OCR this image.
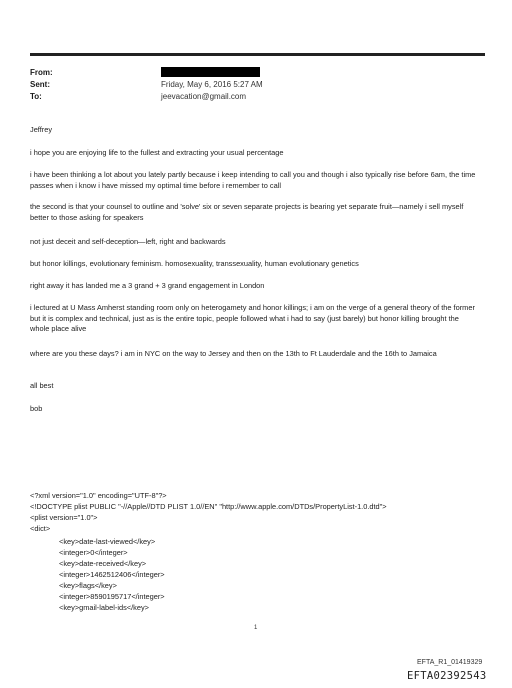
From:
Sent:	Friday, May 6, 2016 5:27 AM
To:	jeevacation@gmail.com

Jeffrey

i hope you are enjoying life to the fullest and extracting your usual percentage

i have been thinking a lot about you lately partly because i keep intending to call you and though i also typically rise before 6am, the time passes when i know i have missed my optimal time before i remember to call

the second is that your counsel to outline and 'solve' six or seven separate projects is bearing yet separate fruit—namely i sell myself better to those asking for speakers

not just deceit and self-deception—left, right and backwards

but honor killings, evolutionary feminism. homosexuality, transsexuality, human evolutionary genetics

right away it has landed me a 3 grand + 3 grand engagement in London

i lectured at U Mass Amherst standing room only on heterogamety and honor killings; i am on the verge of a general theory of the former but it is complex and technical, just as is the entire topic, people followed what i had to say (just barely) but honor killing brought the whole place alive

where are you these days? i am in NYC on the way to Jersey and then on the 13th to Ft Lauderdale and the 16th to Jamaica

all best

bob

<?xml version="1.0" encoding="UTF-8"?>
<!DOCTYPE plist PUBLIC "-//Apple//DTD PLIST 1.0//EN" "http://www.apple.com/DTDs/PropertyList-1.0.dtd">
<plist version="1.0">
<dict>
<key>date-last-viewed</key>
<integer>0</integer>
<key>date-received</key>
<integer>1462512406</integer>
<key>flags</key>
<integer>8590195717</integer>
<key>gmail-label-ids</key>
1
EFTA_R1_01419329
EFTA02392543
